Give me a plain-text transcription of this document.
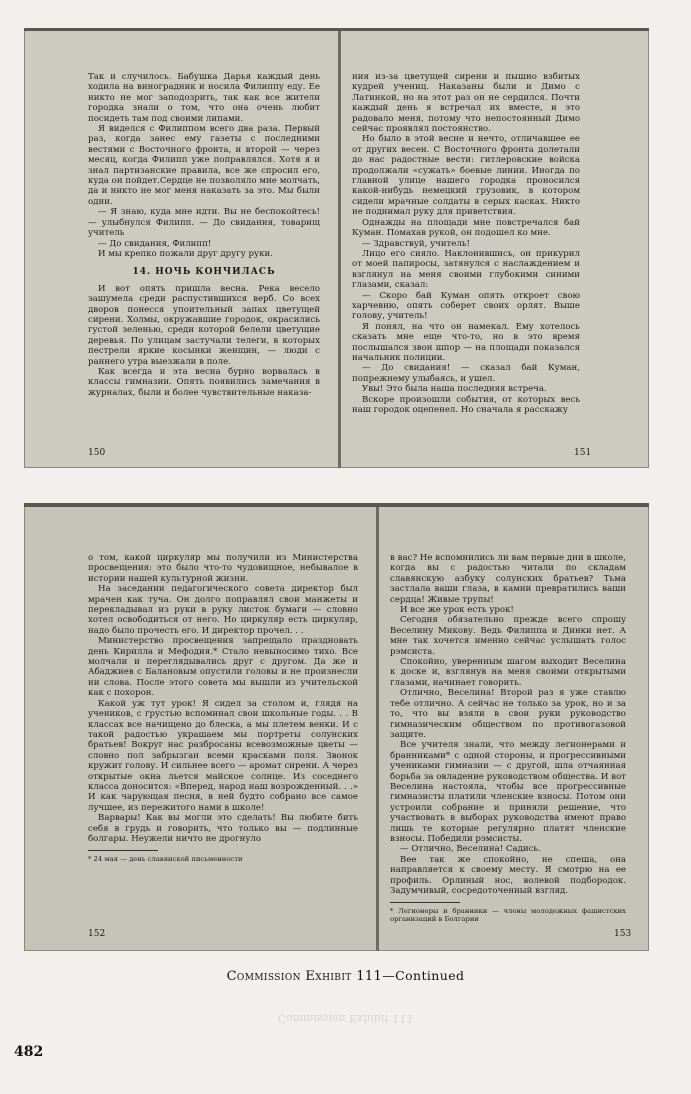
Так и случилось. Бабушка Дарья каждый день ходила на виноградник и носила Филиппу еду. Ее никто не мог заподозрить, так как все жители городка знали о том, что она очень любит посидеть там под своими липами.

Я виделся с Филиппом всего два раза. Первый раз, когда занес ему газеты с последними вестями с Восточного фронта, и второй — через месяц, когда Филипп уже поправлялся. Хотя я и знал партизанские правила, все же спросил его, куда он пойдет.Сердце не позволяло мне молчать, да и никто не мог меня наказать за это. Мы были одни.

— Я знаю, куда мне идти. Вы не беспокойтесь! — улыбнулся Филипп. — До свидания, товарищ учитель

— До свидания, Филипп!

И мы крепко пожали друг другу руки.

14. НОЧЬ КОНЧИЛАСЬ

И вот опять пришла весна. Река весело зашумела среди распустившихся верб. Со всех дворов понесся упоительный запах цветущей сирени. Холмы, окружавшие городок, окрасились густой зеленью, среди которой белели цветущие деревья. По улицам застучали телеги, в которых пестрели яркие косынки женщин, — люди с раннего утра выезжали в поле.

Как всегда и эта весна бурно ворвалась в классы гимназии. Опять появились замечания в журналах, были и более чувствительные наказа-

150

ния из-за цветущей сирени и пышно взбитых кудрей учениц. Наказаны были и Димо с Латинкой, но на этот раз он не сердился. Почти каждый день я встречал их вместе, и это радовало меня, потому что непостоянный Димо сейчас проявлял постоянство.

Но было в этой весне и нечто, отличавшее ее от других весен. С Восточного фронта долетали до нас радостные вести: гитлеровские войска продолжали «сужать» боевые линии. Иногда по главной улице нашего городка проносился какой-нибудь немецкий грузовик, в котором сидели мрачные солдаты в серых касках. Никто не поднимал руку для приветствия.

Однажды на площади мне повстречался бай Куман. Помахав рукой, он подошел ко мне.

— Здравствуй, учитель!

Лицо его сияло. Наклонившись, он прикурил от моей папиросы, затянулся с наслаждением и взглянул на меня своими глубокими синими глазами, сказал:

— Скоро бай Куман опять откроет свою харчевню, опять соберет своих орлят. Выше голову, учитель!

Я понял, на что он намекал. Ему хотелось сказать мне еще что-то, но в это время послышался звон шпор — на площади показался начальник полиции.

— До свидания! — сказал бай Куман, попрежнему улыбаясь, и ушел.

Увы! Это была наша последняя встреча.

Вскоре произошли события, от которых весь наш городок оцепенел. Но сначала я расскажу

151

о том, какой циркуляр мы получили из Министерства просвещения: это было что-то чудовищное, небывалое в истории нашей культурной жизни.

На заседании педагогического совета директор был мрачен как туча. Он долго поправлял свои манжеты и перекладывал из руки в руку листок бумаги — словно хотел освободиться от него. Но циркуляр есть циркуляр, надо было прочесть его. И директор прочел. . .

Министерство просвещения запрещало праздновать день Кирилла и Мефодия.* Стало невыносимо тихо. Все молчали и переглядывались друг с другом. Да же и Абаджиев с Балановым опустили головы и не произнесли ни слова. После этого совета мы вышли из учительской как с похорон.

Какой уж тут урок! Я сидел за столом и, глядя на учеников, с грустью вспоминал свои школьные годы. . . В классах все начищено до блеска, а мы плетем венки. И с такой радостью украшаем мы портреты солунских братьев! Вокруг нас разбросаны всевозможные цветы — словно пол забрызган всеми красками поля. Звонок кружит голову. И сильнее всего — аромат сирени. А через открытые окна льется майское солнце. Из соседнего класса доносится: «Вперед, народ наш возрожденный. . .» И как чарующая песня, в ней будто собрано все самое лучшее, из пережитого нами в школе!

Варвары! Как вы могли это сделать! Вы любите бить себя в грудь и говорить, что только вы — подлинные болгары. Неужели ничто не дрогнуло

* 24 мая — день славянской письменности
152

в вас? Не вспомнились ли вам первые дни в школе, когда вы с радостью читали по складам славянскую азбуку солунских братьев? Тьма застлала ваши глаза, в камни превратились ваши сердца! Живые трупы!

И все же урок есть урок!

Сегодня обязательно прежде всего спрошу Веселину Микову. Ведь Филиппа и Динки нет. А мне так хочется именно сейчас услышать голос рэмсиста.

Спокойно, уверенным шагом выходит Веселина к доске и, взглянув на меня своими открытыми глазами, начинает говорить.

Отлично, Веселина! Второй раз я уже ставлю тебе отлично. А сейчас не только за урок, но и за то, что вы взяли в свои руки руководство гимназическим обществом по противогазовой защите.

Все учителя знали, что между легионерами и бранниками* с одной стороны, и прогрессивными учениками гимназии — с другой, шла отчаянная борьба за овладение руководством общества. И вот Веселина настояла, чтобы все прогрессивные гимназисты платили членские взносы. Потом они устроили собрание и приняли решение, что участвовать в выборах руководства имеют право лишь те которые регулярно платят членские взносы. Победили рэмсисты.

— Отлично, Веселина! Садись.

Вее так же спокойно, не спеша, она направляется к своему месту. Я смотрю на ее профиль. Орлиный нос, волевой подбородок. Задумчивый, сосредоточенный взгляд.

* Легионеры и бранники — члены молодежных фашистских организаций в Болгарии
153
Commission Exhibit 111—Continued
Commission Exhibit 111
482
